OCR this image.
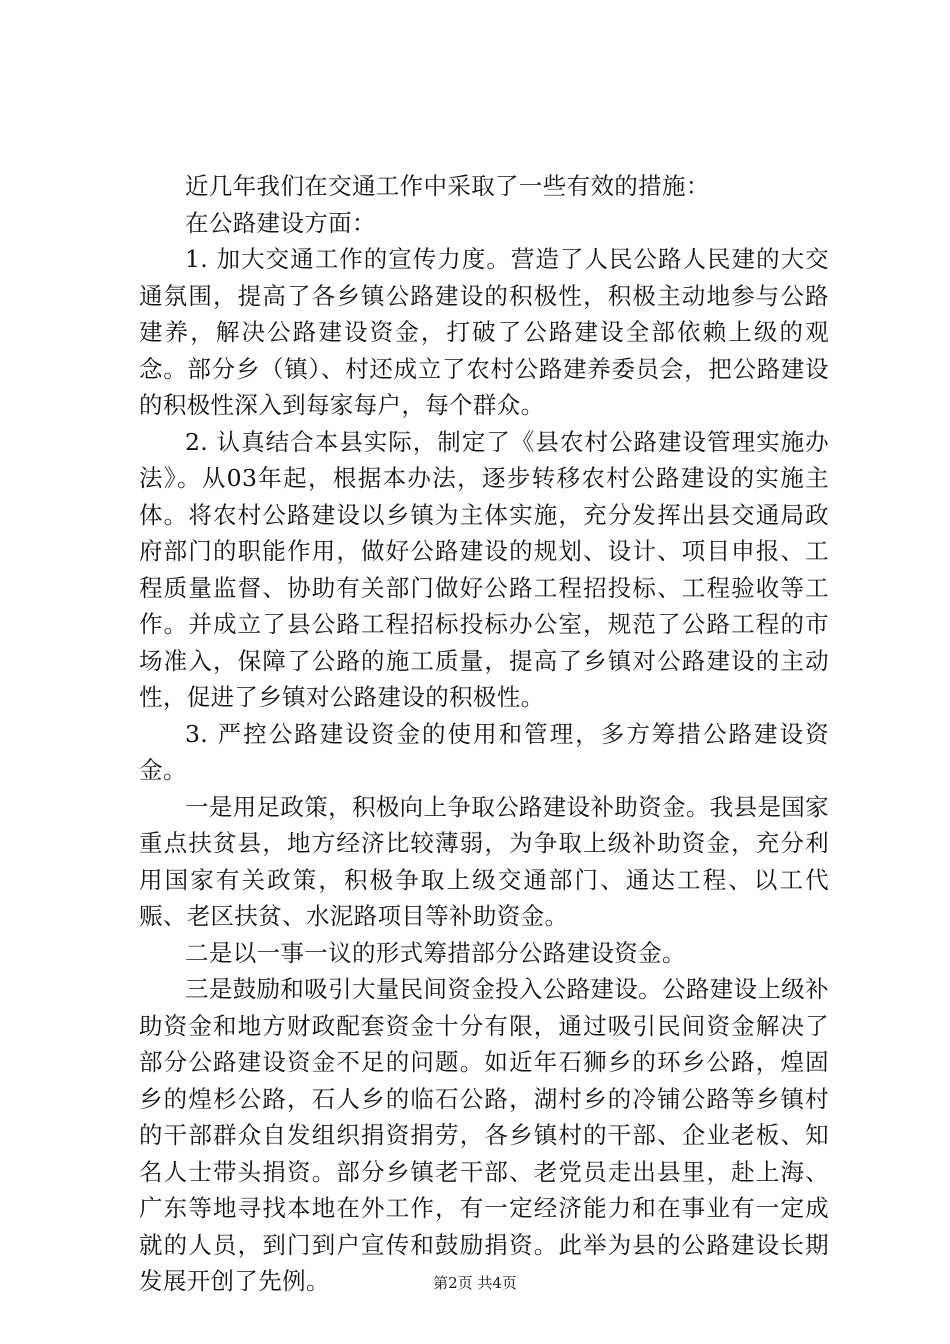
近几年我们在交通工作中采取了一些有效的措施：

在公路建设方面：

1. 加大交通工作的宣传力度。营造了人民公路人民建的大交通氛围，提高了各乡镇公路建设的积极性，积极主动地参与公路建养，解决公路建设资金，打破了公路建设全部依赖上级的观念。部分乡（镇）、村还成立了农村公路建养委员会，把公路建设的积极性深入到每家每户，每个群众。

2. 认真结合本县实际，制定了《县农村公路建设管理实施办法》。从03年起，根据本办法，逐步转移农村公路建设的实施主体。将农村公路建设以乡镇为主体实施，充分发挥出县交通局政府部门的职能作用，做好公路建设的规划、设计、项目申报、工程质量监督、协助有关部门做好公路工程招投标、工程验收等工作。并成立了县公路工程招标投标办公室，规范了公路工程的市场准入，保障了公路的施工质量，提高了乡镇对公路建设的主动性，促进了乡镇对公路建设的积极性。

3. 严控公路建设资金的使用和管理，多方筹措公路建设资金。

一是用足政策，积极向上争取公路建设补助资金。我县是国家重点扶贫县，地方经济比较薄弱，为争取上级补助资金，充分利用国家有关政策，积极争取上级交通部门、通达工程、以工代赈、老区扶贫、水泥路项目等补助资金。

二是以一事一议的形式筹措部分公路建设资金。

三是鼓励和吸引大量民间资金投入公路建设。公路建设上级补助资金和地方财政配套资金十分有限，通过吸引民间资金解决了部分公路建设资金不足的问题。如近年石狮乡的环乡公路，煌固乡的煌杉公路，石人乡的临石公路，湖村乡的冷铺公路等乡镇村的干部群众自发组织捐资捐劳，各乡镇村的干部、企业老板、知名人士带头捐资。部分乡镇老干部、老党员走出县里，赴上海、广东等地寻找本地在外工作，有一定经济能力和在事业有一定成就的人员，到门到户宣传和鼓励捐资。此举为县的公路建设长期发展开创了先例。	第2页 共4页
